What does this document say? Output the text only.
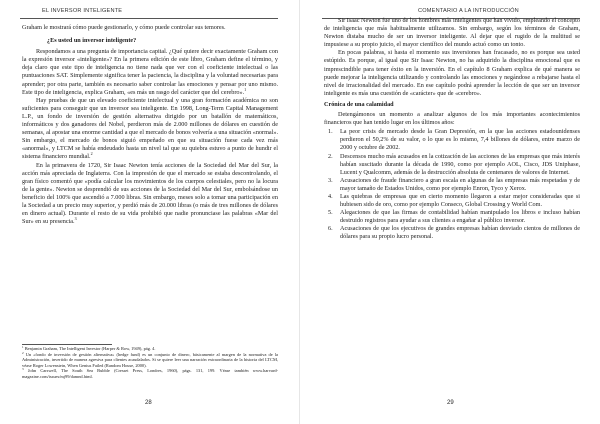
EL INVERSOR INTELIGENTE

Graham le mostrará cómo puede gestionarlo, y cómo puede controlar sus temores.

¿Es usted un inversor inteligente?

Respondamos a una pregunta de importancia capital. ¿Qué quiere decir exactamente Graham con la expresión inversor «inteligente»? En la primera edición de este libro, Graham define el término, y deja claro que este tipo de inteligencia no tiene nada que ver con el coeficiente intelectual o las puntuaciones SAT. Simplemente significa tener la paciencia, la disciplina y la voluntad necesarias para aprender; por otra parte, también es necesario saber controlar las emociones y pensar por uno mismo. Este tipo de inteligencia, explica Graham, «es más un rasgo del carácter que del cerebro».$^1$

Hay pruebas de que un elevado coeficiente intelectual y una gran formación académica no son suficientes para conseguir que un inversor sea inteligente. En 1998, Long-Term Capital Management L.P., un fondo de inversión de gestión alternativa dirigido por un batallón de matemáticos, informáticos y dos ganadores del Nobel, perdieron más de 2.000 millones de dólares en cuestión de semanas, al apostar una enorme cantidad a que el mercado de bonos volvería a una situación «normal». Sin embargo, el mercado de bonos siguió empeñado en que su situación fuese cada vez más «anormal», y LTCM se había endeudado hasta un nivel tal que su quiebra estuvo a punto de hundir el sistema financiero mundial.$^2$

En la primavera de 1720, Sir Isaac Newton tenía acciones de la Sociedad del Mar del Sur, la acción más apreciada de Inglaterra. Con la impresión de que el mercado se estaba descontrolando, el gran físico comentó que «podía calcular los movimientos de los cuerpos celestiales, pero no la locura de la gente». Newton se desprendió de sus acciones de la Sociedad del Mar del Sur, embolsándose un beneficio del 100% que ascendió a 7.000 libras. Sin embargo, meses solo a tomar una participación en la Sociedad a un precio muy superior, y perdió más de 20.000 libras (o más de tres millones de dólares en dinero actual). Durante el resto de su vida prohibió que nadie pronunciase las palabras «Mar del Sur» en su presencia.$^3$

$^1$ Benjamin Graham, The Intelligent Investor (Harper & Row, 1949), pág. 4.

$^2$ Un «fondo de inversión de gestión alternativa» (hedge fund) es un conjunto de dinero, básicamente al margen de la normativa de la Administración, invertido de manera agresiva para clientes acaudalados. Si se quiere leer una narración extraordinaria de la historia del LTCM, véase Roger Lowenstein, When Genius Failed (Random House, 2000).

$^3$ John Carswell, The South Sea Bubble (Cresset Press, Londres, 1960), págs. 131, 199. Véase también www.harvard-magazine.com/issues/mj99/damnd.html.

28
COMENTARIO A LA INTRODUCCIÓN

Sir Isaac Newton fue uno de los hombres más inteligentes que han vivido, empleando el concepto de inteligencia que más habitualmente utilizamos. Sin embargo, según los términos de Graham, Newton distaba mucho de ser un inversor inteligente. Al dejar que el rugido de la multitud se impusiese a su propio juicio, el mayor científico del mundo actuó como un tonto.

En pocas palabras, si hasta el momento sus inversiones han fracasado, no es porque sea usted estúpido. Es porque, al igual que Sir Isaac Newton, no ha adquirido la disciplina emocional que es imprescindible para tener éxito en la inversión. En el capítulo 8 Graham explica de qué manera se puede mejorar la inteligencia utilizando y controlando las emociones y negándose a rebajarse hasta el nivel de irracionalidad del mercado. En ese capítulo podrá aprender la lección de que ser un inversor inteligente es más una cuestión de «carácter» que de «cerebro».

Crónica de una calamidad

Detengámonos un momento a analizar algunos de los más importantes acontecimientos financieros que han tenido lugar en los últimos años:

1. La peor crisis de mercado desde la Gran Depresión, en la que las acciones estadounidenses perdieron el 50,2% de su valor, o lo que es lo mismo, 7,4 billones de dólares, entre marzo de 2000 y octubre de 2002.
2. Descensos mucho más acusados en la cotización de las acciones de las empresas que más interés habían suscitado durante la década de 1990, como por ejemplo AOL, Cisco, JDS Uniphase, Lucent y Qualcomm, además de la destrucción absoluta de centenares de valores de Internet.
3. Acusaciones de fraude financiero a gran escala en algunas de las empresas más respetadas y de mayor tamaño de Estados Unidos, como por ejemplo Enron, Tyco y Xerox.
4. Las quiebras de empresas que en cierto momento llegaron a estar mejor consideradas que si hubiesen sido de oro, como por ejemplo Conseco, Global Crossing y World Com.
5. Alegaciones de que las firmas de contabilidad habían manipulado los libros e incluso habían destruido registros para ayudar a sus clientes a engañar al público inversor.
6. Acusaciones de que los ejecutivos de grandes empresas habían desviado cientos de millones de dólares para su propio lucro personal.
29
